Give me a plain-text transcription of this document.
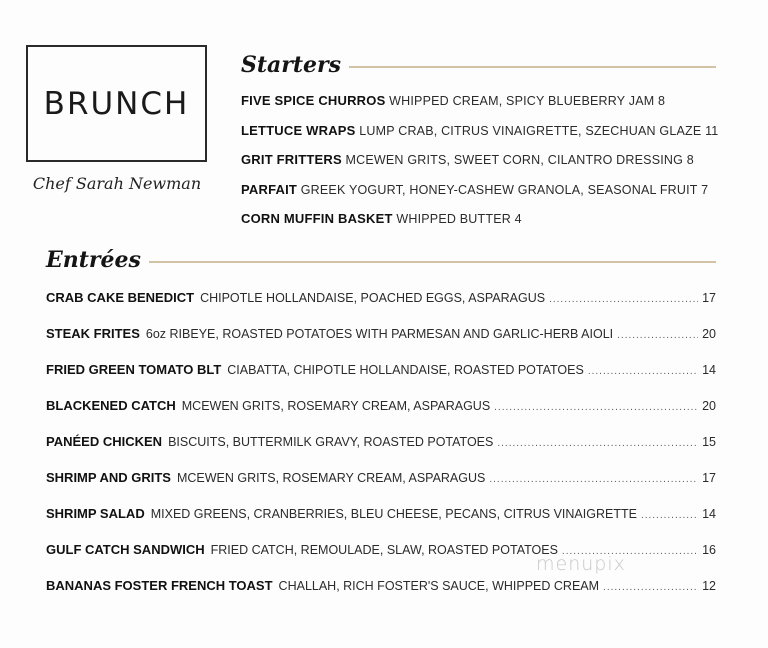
BRUNCH
Chef Sarah Newman
Starters
FIVE SPICE CHURROS WHIPPED CREAM, SPICY BLUEBERRY JAM 8
LETTUCE WRAPS LUMP CRAB, CITRUS VINAIGRETTE, SZECHUAN GLAZE 11
GRIT FRITTERS MCEWEN GRITS, SWEET CORN, CILANTRO DRESSING 8
PARFAIT GREEK YOGURT, HONEY-CASHEW GRANOLA, SEASONAL FRUIT 7
CORN MUFFIN BASKET WHIPPED BUTTER 4
Entrées
CRAB CAKE BENEDICT CHIPOTLE HOLLANDAISE, POACHED EGGS, ASPARAGUS .....	17
STEAK FRITES 6oz RIBEYE, ROASTED POTATOES WITH PARMESAN AND GARLIC-HERB AIOLI .....	20
FRIED GREEN TOMATO BLT CIABATTA, CHIPOTLE HOLLANDAISE, ROASTED POTATOES .....	14
BLACKENED CATCH MCEWEN GRITS, ROSEMARY CREAM, ASPARAGUS .....	20
PANÉED CHICKEN BISCUITS, BUTTERMILK GRAVY, ROASTED POTATOES .....	15
SHRIMP AND GRITS MCEWEN GRITS, ROSEMARY CREAM, ASPARAGUS .....	17
SHRIMP SALAD MIXED GREENS, CRANBERRIES, BLEU CHEESE, PECANS, CITRUS VINAIGRETTE .....	14
GULF CATCH SANDWICH FRIED CATCH, REMOULADE, SLAW, ROASTED POTATOES .....	16
BANANAS FOSTER FRENCH TOAST CHALLAH, RICH FOSTER'S SAUCE, WHIPPED CREAM .....	12
menupix
